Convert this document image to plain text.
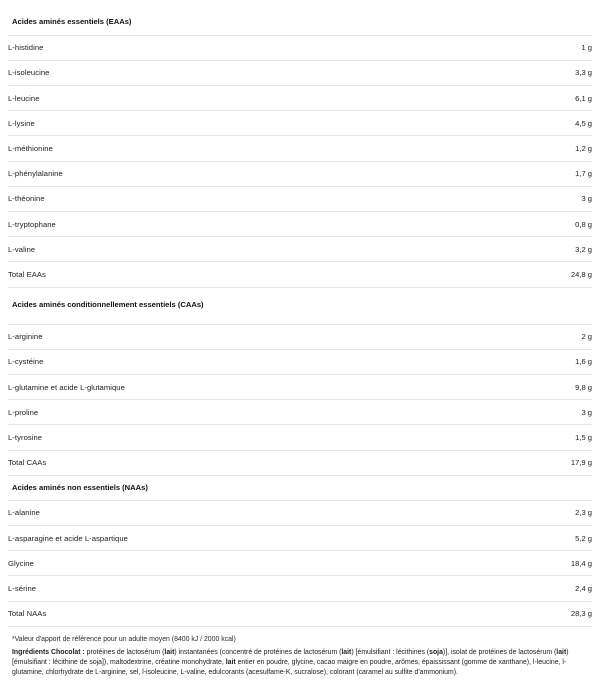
Acides aminés essentiels (EAAs)	

L-histidine	1 g
L-isoleucine	3,3 g
L-leucine	6,1 g
L-lysine	4,5 g
L-méthionine	1,2 g
L-phénylalanine	1,7 g
L-théonine	3 g
L-tryptophane	0,8 g
L-valine	3,2 g
Total EAAs	24,8 g

Acides aminés conditionnellement essentiels (CAAs)	

L-arginine	2 g
L-cystéine	1,6 g
L-glutamine et acide L-glutamique	9,8 g
L-proline	3 g
L-tyrosine	1,5 g
Total CAAs	17,9 g

Acides aminés non essentiels (NAAs)	

L-alanine	2,3 g
L-asparagine et acide L-aspartique	5,2 g
Glycine	18,4 g
L-sérine	2,4 g
Total NAAs	28,3 g
*Valeur d'apport de référence pour un adulte moyen (8400 kJ / 2000 kcal)
Ingrédients Chocolat : protéines de lactosérum (lait) instantanées (concentré de protéines de lactosérum (lait) [émulsifiant : lécithines (soja)], isolat de protéines de lactosérum (lait) [émulsifiant : lécithine de soja]), maltodextrine, créatine monohydrate, lait entier en poudre, glycine, cacao maigre en poudre, arômes, épaississant (gomme de xanthane), l-leucine, l-glutamine, chlorhydrate de L-arginine, sel, l-isoleucine, L-valine, edulcorants (acesulfame-K, sucralose), colorant (caramel au sulfite d'ammonium).
